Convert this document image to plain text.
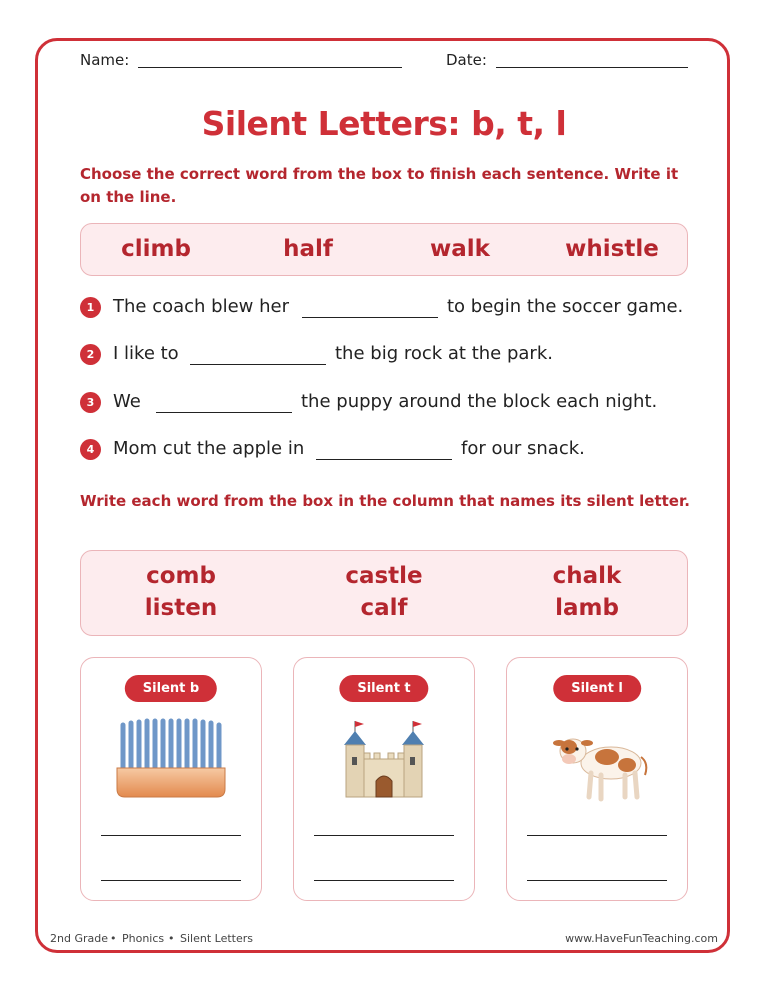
Name:	Date:
Silent Letters: b, t, l
Choose the correct word from the box to finish each sentence. Write it on the line.
climb	half	walk	whistle
1	The coach blew her	to begin the soccer game.
2	I like to	the big rock at the park.
3	We	the puppy around the block each night.
4	Mom cut the apple in	for our snack.
Write each word from the box in the column that names its silent letter.
comb	castle	chalk
listen	calf	lamb
Silent b	Silent t	Silent l
2nd Grade • Phonics • Silent Letters	www.HaveFunTeaching.com
